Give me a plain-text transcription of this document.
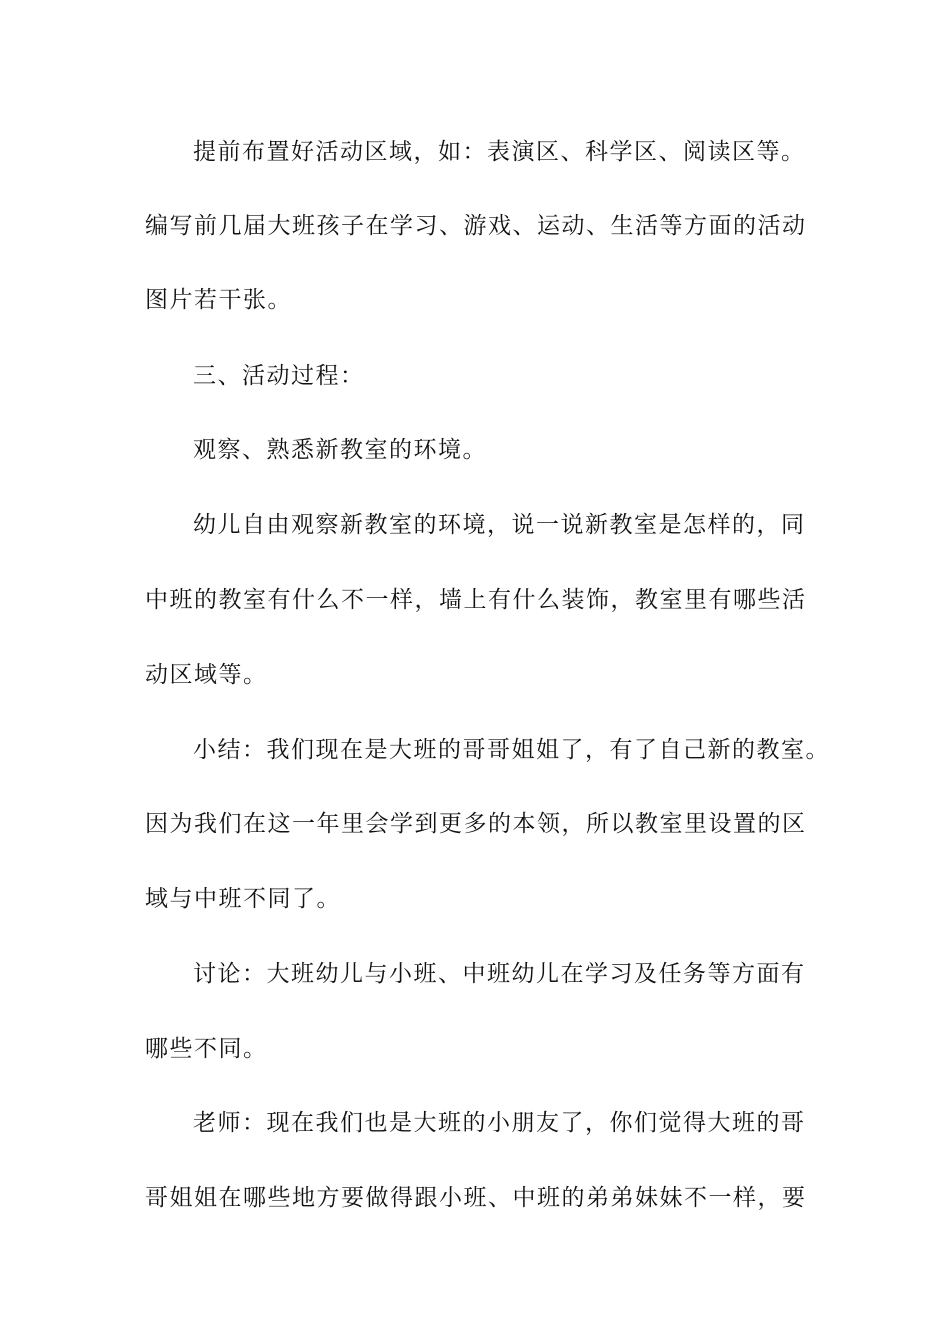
提前布置好活动区域，如：表演区、科学区、阅读区等。

编写前几届大班孩子在学习、游戏、运动、生活等方面的活动

图片若干张。

三、活动过程：

观察、熟悉新教室的环境。

幼儿自由观察新教室的环境，说一说新教室是怎样的，同

中班的教室有什么不一样，墙上有什么装饰，教室里有哪些活

动区域等。

小结：我们现在是大班的哥哥姐姐了，有了自己新的教室。

因为我们在这一年里会学到更多的本领，所以教室里设置的区

域与中班不同了。

讨论：大班幼儿与小班、中班幼儿在学习及任务等方面有

哪些不同。

老师：现在我们也是大班的小朋友了，你们觉得大班的哥

哥姐姐在哪些地方要做得跟小班、中班的弟弟妹妹不一样，要
